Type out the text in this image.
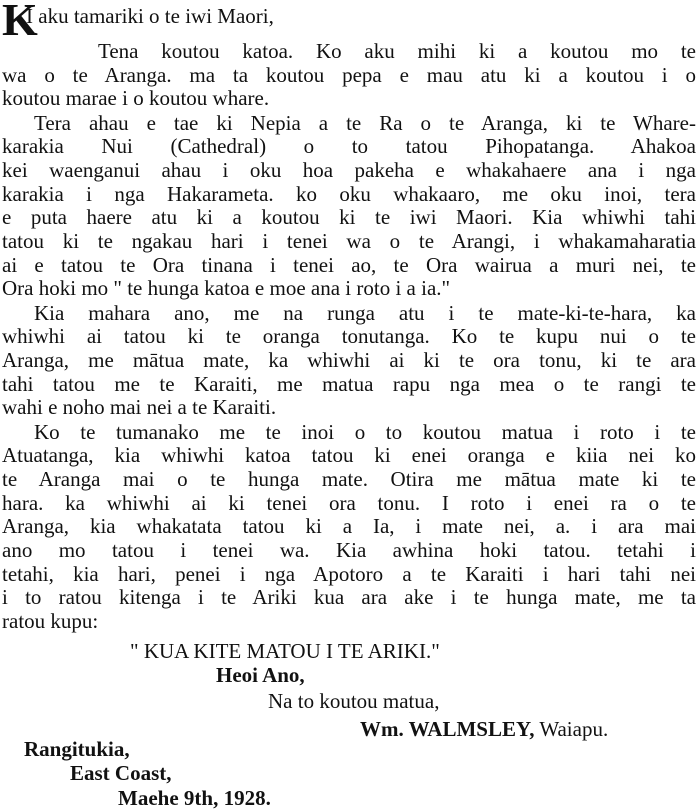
K
I aku tamariki o te iwi Maori,
Tena koutou katoa. Ko aku mihi ki a koutou mo te
wa o te Aranga. ma ta koutou pepa e mau atu ki a koutou i o
koutou marae i o koutou whare.
Tera ahau e tae ki Nepia a te Ra o te Aranga, ki te Whare-
karakia Nui (Cathedral) o to tatou Pihopatanga. Ahakoa
kei waenganui ahau i oku hoa pakeha e whakahaere ana i nga
karakia i nga Hakarameta. ko oku whakaaro, me oku inoi, tera
e puta haere atu ki a koutou ki te iwi Maori. Kia whiwhi tahi
tatou ki te ngakau hari i tenei wa o te Arangi, i whakamaharatia
ai e tatou te Ora tinana i tenei ao, te Ora wairua a muri nei, te
Ora hoki mo " te hunga katoa e moe ana i roto i a ia."
Kia mahara ano, me na runga atu i te mate-ki-te-hara, ka
whiwhi ai tatou ki te oranga tonutanga. Ko te kupu nui o te
Aranga, me mātua mate, ka whiwhi ai ki te ora tonu, ki te ara
tahi tatou me te Karaiti, me matua rapu nga mea o te rangi te
wahi e noho mai nei a te Karaiti.
Ko te tumanako me te inoi o to koutou matua i roto i te
Atuatanga, kia whiwhi katoa tatou ki enei oranga e kiia nei ko
te Aranga mai o te hunga mate. Otira me mātua mate ki te
hara. ka whiwhi ai ki tenei ora tonu. I roto i enei ra o te
Aranga, kia whakatata tatou ki a Ia, i mate nei, a. i ara mai
ano mo tatou i tenei wa. Kia awhina hoki tatou. tetahi i
tetahi, kia hari, penei i nga Apotoro a te Karaiti i hari tahi nei
i to ratou kitenga i te Ariki kua ara ake i te hunga mate, me ta
ratou kupu:
" KUA KITE MATOU I TE ARIKI."
Heoi Ano,
Na to koutou matua,
Wm. WALMSLEY, Waiapu.
Rangitukia,
East Coast,
Maehe 9th, 1928.
